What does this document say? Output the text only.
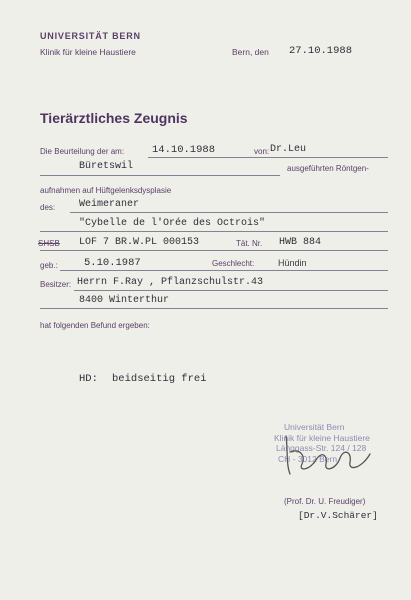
UNIVERSITÄT BERN
Klinik für kleine Haustiere	Bern, den 27.10.1988
Tierärztliches Zeugnis
Die Beurteilung der am:	14.10.1988	von: Dr.Leu
Büretswil	ausgeführten Röntgen-
aufnahmen auf Hüftgelenksdysplasie
des: Weimeraner
"Cybelle de l'Orée des Octrois"
SHSB LOF 7 BR.W.PL 000153	Tät. Nr. HWB 884
geb.: 5.10.1987	Geschlecht:	Hündin
Besitzer: Herrn F.Ray , Pflanzschulstr.43
8400 Winterthur
hat folgenden Befund ergeben:
HD: beidseitig frei
Universität Bern
Klinik für kleine Haustiere
Länggass-Str. 124 / 128
CH - 3012 Bern
(Prof. Dr. U. Freudiger)
[Dr.V.Schärer]
